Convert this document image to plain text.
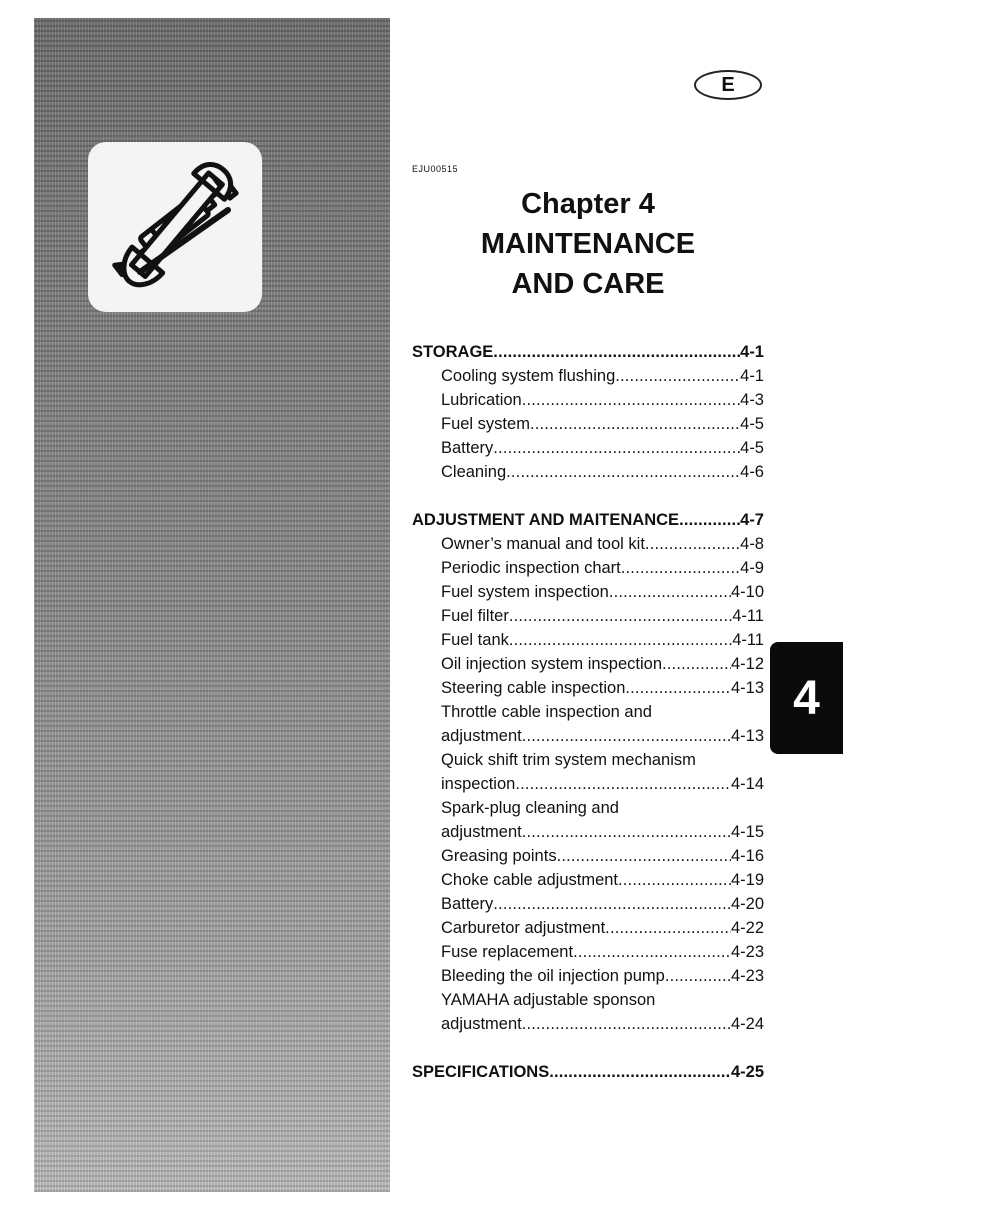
E
EJU00515
Chapter 4
MAINTENANCE
AND CARE
STORAGE . . .	4-1
Cooling system flushing . . .	4-1
Lubrication . . .	4-3
Fuel system . . .	4-5
Battery . . .	4-5
Cleaning . . .	4-6
ADJUSTMENT AND MAITENANCE . . .	4-7
Owner’s manual and tool kit . . .	4-8
Periodic inspection chart . . .	4-9
Fuel system inspection . . .	4-10
Fuel filter . . .	4-11
Fuel tank . . .	4-11
Oil injection system inspection . . .	4-12
Steering cable inspection . . .	4-13
Throttle cable inspection and
adjustment . . .	4-13
Quick shift trim system mechanism
inspection . . .	4-14
Spark-plug cleaning and
adjustment . . .	4-15
Greasing points . . .	4-16
Choke cable adjustment . . .	4-19
Battery . . .	4-20
Carburetor adjustment . . .	4-22
Fuse replacement . . .	4-23
Bleeding the oil injection pump . . .	4-23
YAMAHA adjustable sponson
adjustment . . .	4-24
SPECIFICATIONS . . .	4-25
4
